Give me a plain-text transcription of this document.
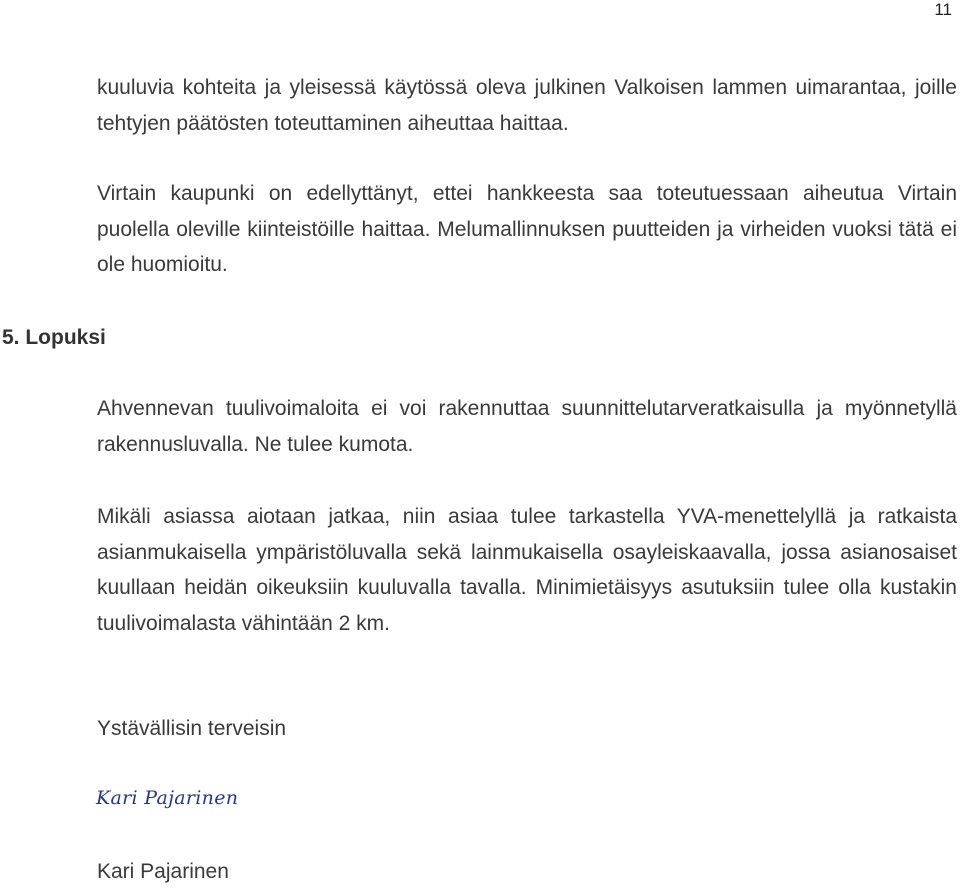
11

kuuluvia kohteita ja yleisessä käytössä oleva julkinen Valkoisen lammen uimarantaa, joille tehtyjen päätösten toteuttaminen aiheuttaa haittaa.

Virtain kaupunki on edellyttänyt, ettei hankkeesta saa toteutuessaan aiheutua Virtain puolella oleville kiinteistöille haittaa. Melumallinnuksen puutteiden ja virheiden vuoksi tätä ei ole huomioitu.

5. Lopuksi

Ahvennevan tuulivoimaloita ei voi rakennuttaa suunnittelutarveratkaisulla ja myönnetyllä rakennusluvalla. Ne tulee kumota.

Mikäli asiassa aiotaan jatkaa, niin asiaa tulee tarkastella YVA-menettelyllä ja ratkaista asianmukaisella ympäristöluvalla sekä lainmukaisella osayleiskaavalla, jossa asianosaiset kuullaan heidän oikeuksiin kuuluvalla tavalla. Minimietäisyys asutuksiin tulee olla kustakin tuulivoimalasta vähintään 2 km.

Ystävällisin terveisin

Kari Pajarinen

Kari Pajarinen
